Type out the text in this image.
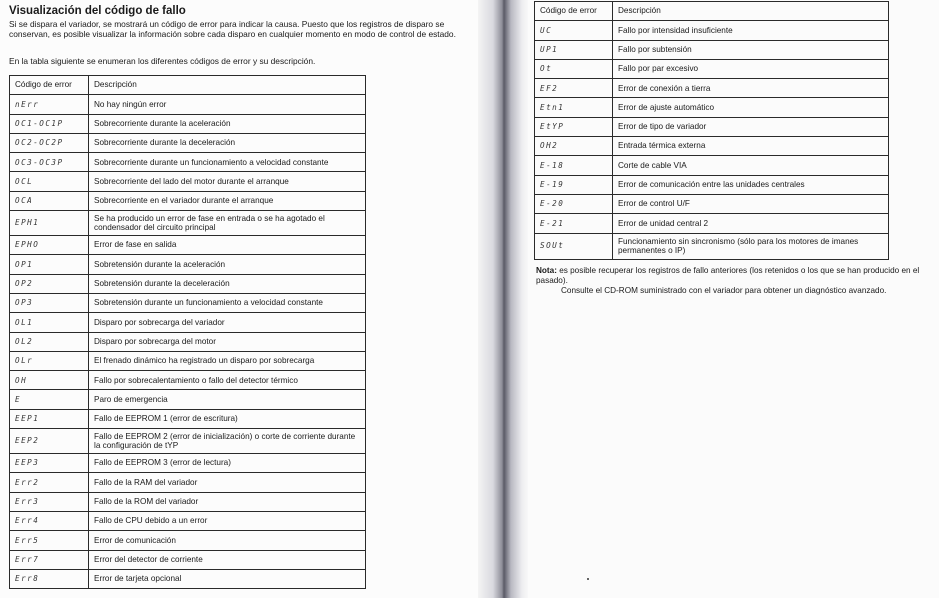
Visualización del código de fallo

Si se dispara el variador, se mostrará un código de error para indicar la causa. Puesto que los registros de disparo se conservan, es posible visualizar la información sobre cada disparo en cualquier momento en modo de control de estado.

En la tabla siguiente se enumeran los diferentes códigos de error y su descripción.

Código de error	Descripción
nErr	No hay ningún error
OC1-OC1P	Sobrecorriente durante la aceleración
OC2-OC2P	Sobrecorriente durante la deceleración
OC3-OC3P	Sobrecorriente durante un funcionamiento a velocidad constante
OCL	Sobrecorriente del lado del motor durante el arranque
OCA	Sobrecorriente en el variador durante el arranque
EPH1	Se ha producido un error de fase en entrada o se ha agotado el condensador del circuito principal
EPHO	Error de fase en salida
OP1	Sobretensión durante la aceleración
OP2	Sobretensión durante la deceleración
OP3	Sobretensión durante un funcionamiento a velocidad constante
OL1	Disparo por sobrecarga del variador
OL2	Disparo por sobrecarga del motor
OLr	El frenado dinámico ha registrado un disparo por sobrecarga
OH	Fallo por sobrecalentamiento o fallo del detector térmico
E	Paro de emergencia
EEP1	Fallo de EEPROM 1 (error de escritura)
EEP2	Fallo de EEPROM 2 (error de inicialización) o corte de corriente durante la configuración de tYP
EEP3	Fallo de EEPROM 3 (error de lectura)
Err2	Fallo de la RAM del variador
Err3	Fallo de la ROM del variador
Err4	Fallo de CPU debido a un error
Err5	Error de comunicación
Err7	Error del detector de corriente
Err8	Error de tarjeta opcional
Código de error	Descripción
UC	Fallo por intensidad insuficiente
UP1	Fallo por subtensión
Ot	Fallo por par excesivo
EF2	Error de conexión a tierra
Etn1	Error de ajuste automático
EtYP	Error de tipo de variador
OH2	Entrada térmica externa
E-18	Corte de cable VIA
E-19	Error de comunicación entre las unidades centrales
E-20	Error de control U/F
E-21	Error de unidad central 2
SOUt	Funcionamiento sin sincronismo (sólo para los motores de imanes permanentes o IP)
Nota: es posible recuperar los registros de fallo anteriores (los retenidos o los que se han producido en el pasado).
Consulte el CD-ROM suministrado con el variador para obtener un diagnóstico avanzado.
